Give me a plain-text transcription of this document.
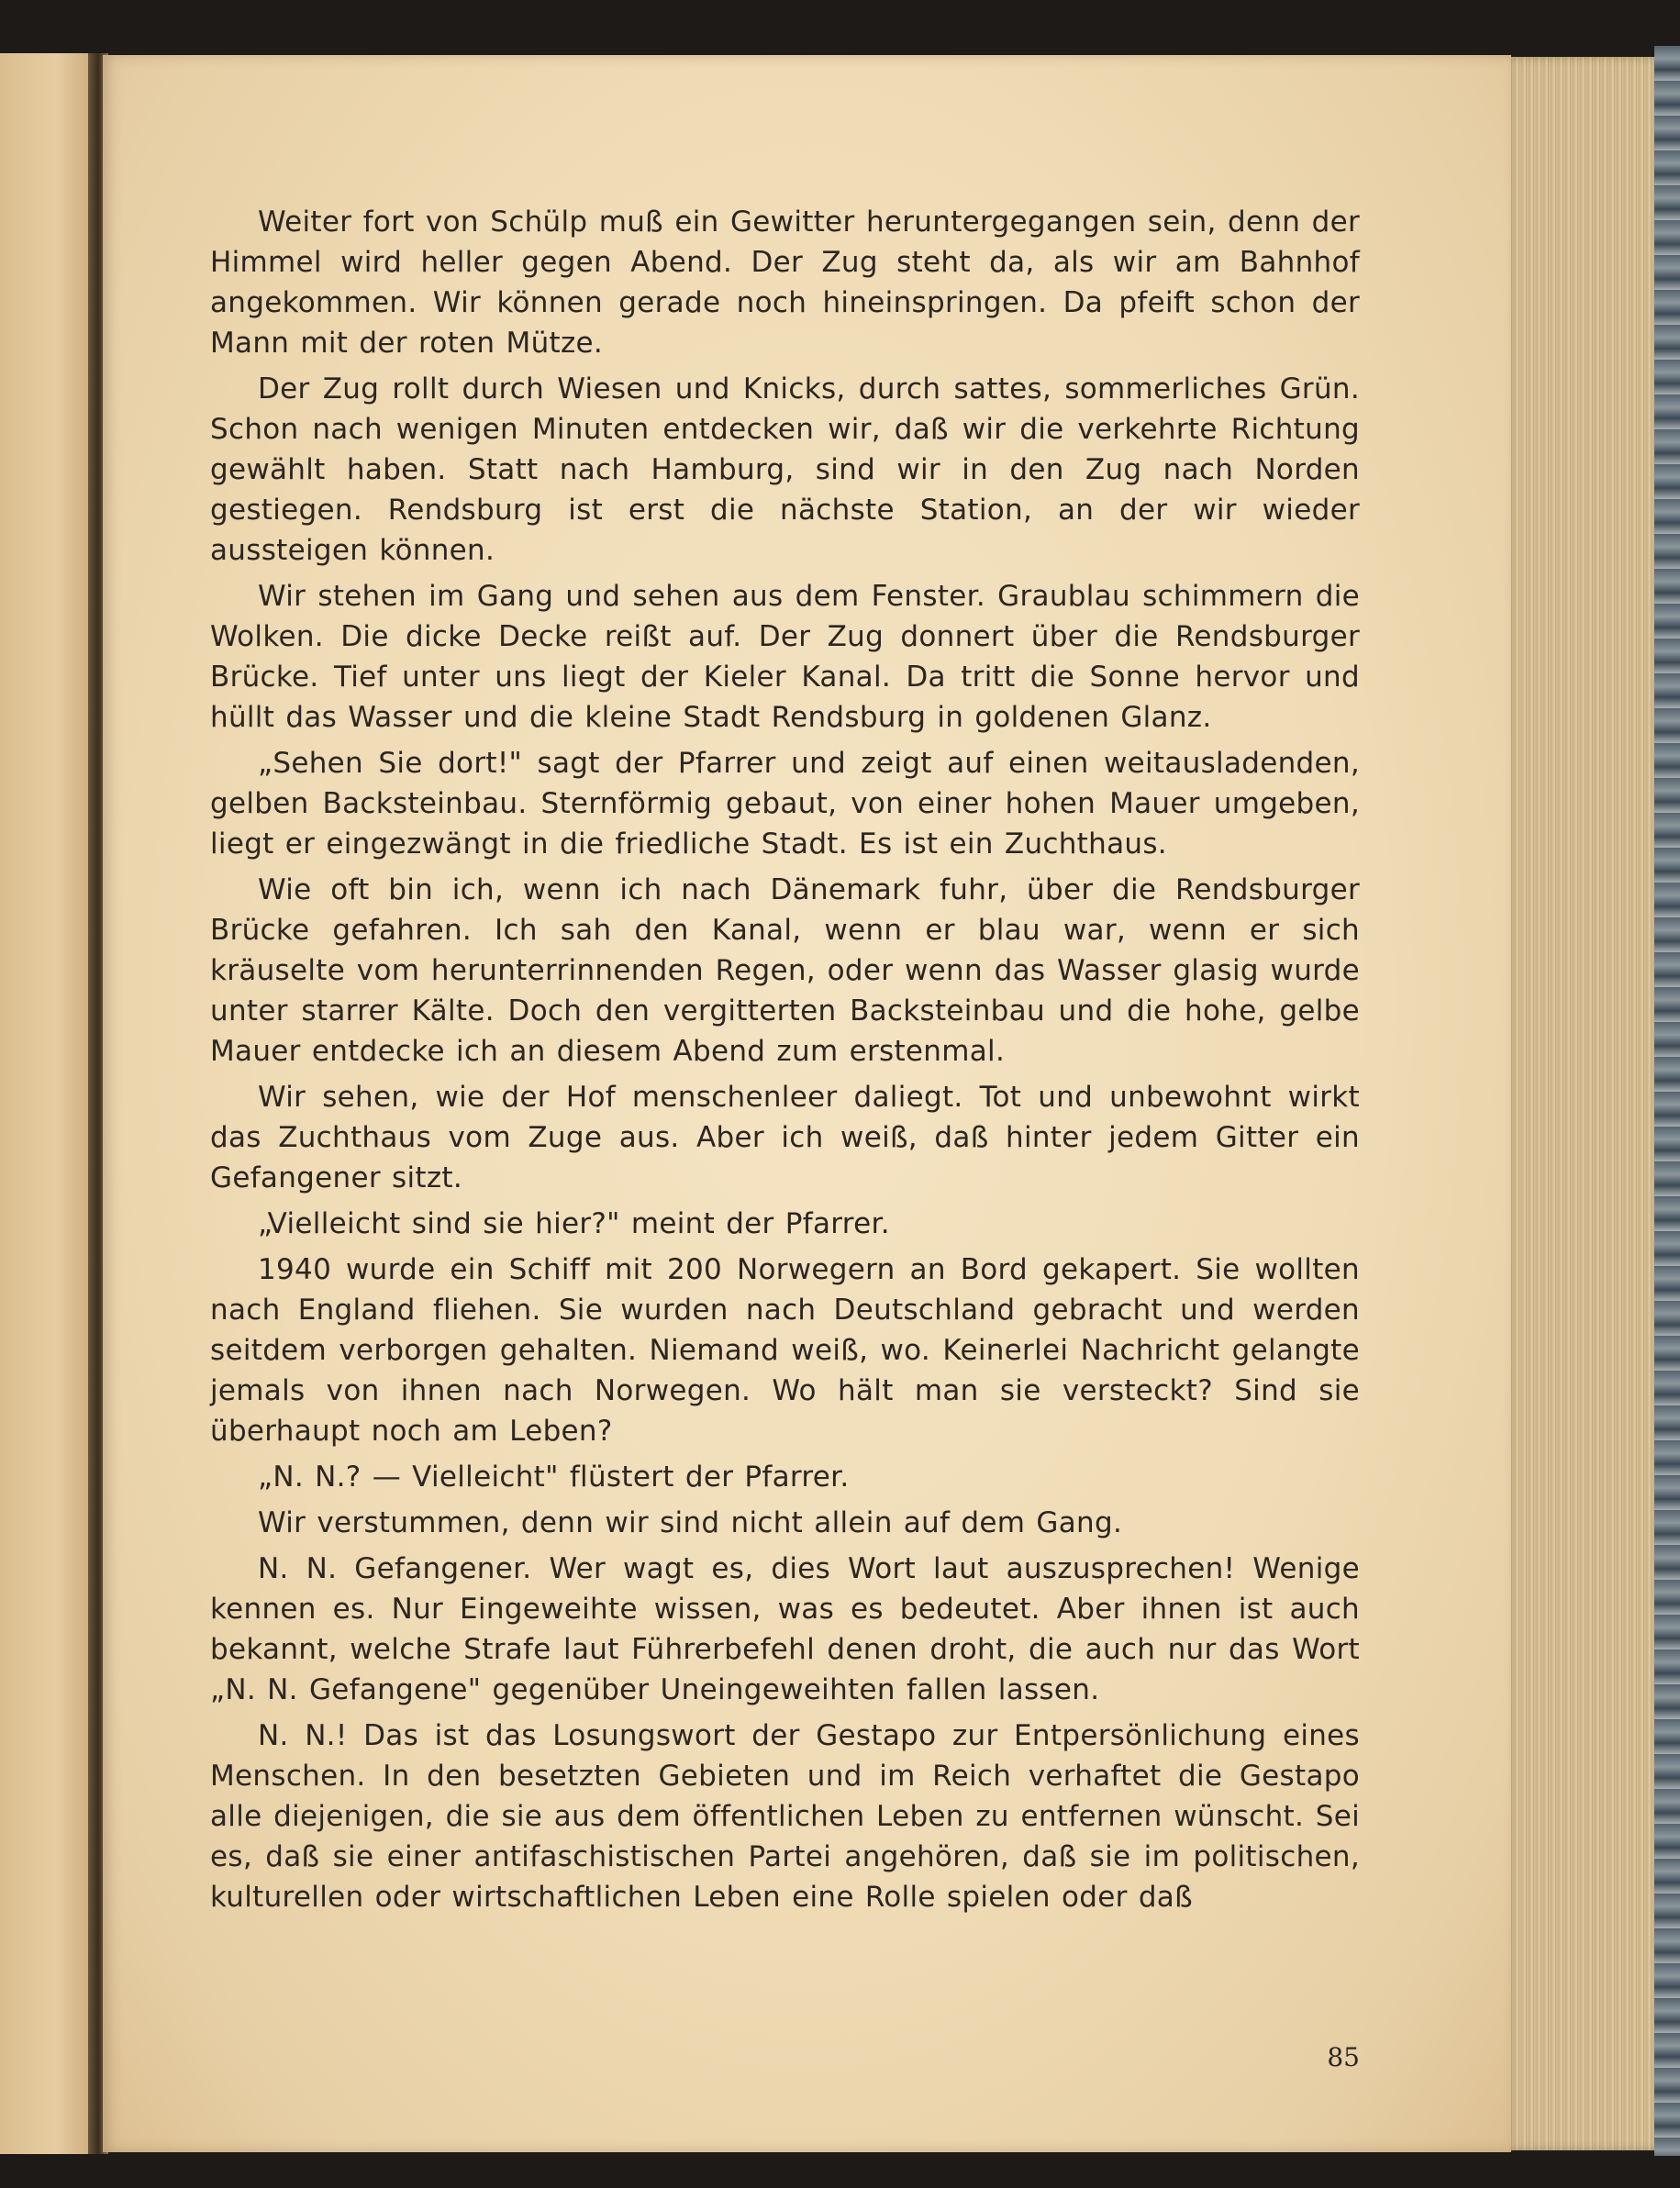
Weiter fort von Schülp muß ein Gewitter heruntergegangen sein, denn der Himmel wird heller gegen Abend. Der Zug steht da, als wir am Bahnhof angekommen. Wir können gerade noch hineinspringen. Da pfeift schon der Mann mit der roten Mütze.

Der Zug rollt durch Wiesen und Knicks, durch sattes, sommerliches Grün. Schon nach wenigen Minuten entdecken wir, daß wir die verkehrte Richtung gewählt haben. Statt nach Hamburg, sind wir in den Zug nach Norden gestiegen. Rendsburg ist erst die nächste Station, an der wir wieder aussteigen können.

Wir stehen im Gang und sehen aus dem Fenster. Graublau schimmern die Wolken. Die dicke Decke reißt auf. Der Zug donnert über die Rendsburger Brücke. Tief unter uns liegt der Kieler Kanal. Da tritt die Sonne hervor und hüllt das Wasser und die kleine Stadt Rendsburg in goldenen Glanz.

„Sehen Sie dort!" sagt der Pfarrer und zeigt auf einen weitausladenden, gelben Backsteinbau. Sternförmig gebaut, von einer hohen Mauer umgeben, liegt er eingezwängt in die friedliche Stadt. Es ist ein Zuchthaus.

Wie oft bin ich, wenn ich nach Dänemark fuhr, über die Rendsburger Brücke gefahren. Ich sah den Kanal, wenn er blau war, wenn er sich kräuselte vom herunterrinnenden Regen, oder wenn das Wasser glasig wurde unter starrer Kälte. Doch den vergitterten Backsteinbau und die hohe, gelbe Mauer entdecke ich an diesem Abend zum erstenmal.

Wir sehen, wie der Hof menschenleer daliegt. Tot und unbewohnt wirkt das Zuchthaus vom Zuge aus. Aber ich weiß, daß hinter jedem Gitter ein Gefangener sitzt.

„Vielleicht sind sie hier?" meint der Pfarrer.

1940 wurde ein Schiff mit 200 Norwegern an Bord gekapert. Sie wollten nach England fliehen. Sie wurden nach Deutschland gebracht und werden seitdem verborgen gehalten. Niemand weiß, wo. Keinerlei Nachricht gelangte jemals von ihnen nach Norwegen. Wo hält man sie versteckt? Sind sie überhaupt noch am Leben?

„N. N.? — Vielleicht" flüstert der Pfarrer.

Wir verstummen, denn wir sind nicht allein auf dem Gang.

N. N. Gefangener. Wer wagt es, dies Wort laut auszusprechen! Wenige kennen es. Nur Eingeweihte wissen, was es bedeutet. Aber ihnen ist auch bekannt, welche Strafe laut Führerbefehl denen droht, die auch nur das Wort „N. N. Gefangene" gegenüber Uneingeweihten fallen lassen.

N. N.! Das ist das Losungswort der Gestapo zur Entpersönlichung eines Menschen. In den besetzten Gebieten und im Reich verhaftet die Gestapo alle diejenigen, die sie aus dem öffentlichen Leben zu entfernen wünscht. Sei es, daß sie einer antifaschistischen Partei angehören, daß sie im politischen, kulturellen oder wirtschaftlichen Leben eine Rolle spielen oder daß

85
